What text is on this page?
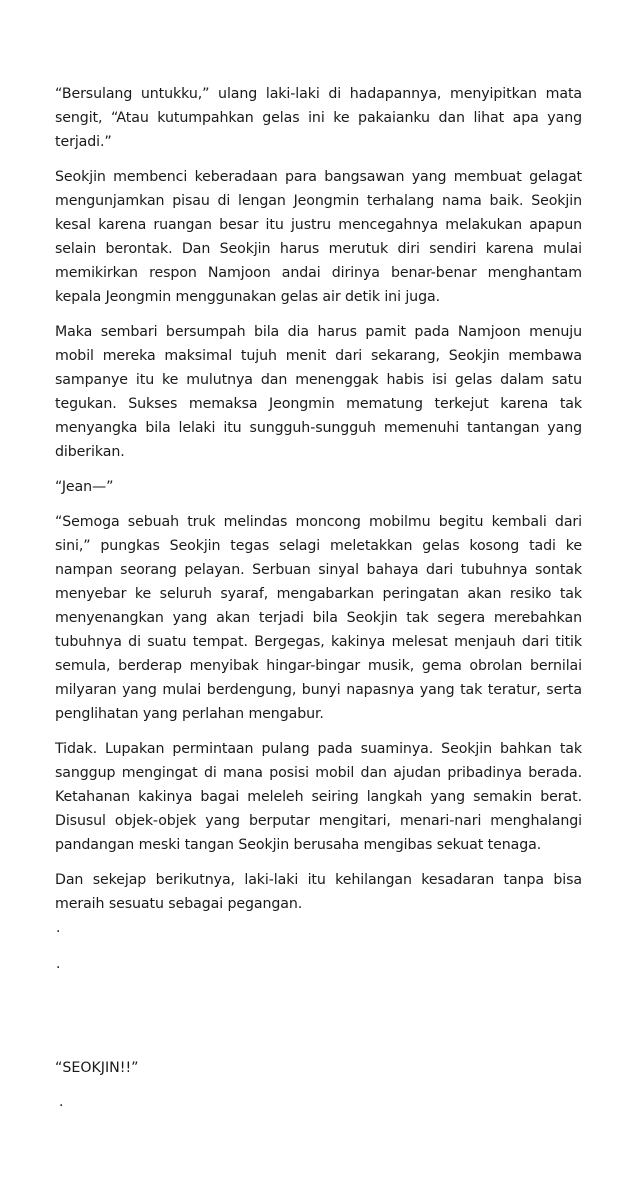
“Bersulang untukku,” ulang laki-laki di hadapannya, menyipitkan mata sengit, “Atau kutumpahkan gelas ini ke pakaianku dan lihat apa yang terjadi.”

Seokjin membenci keberadaan para bangsawan yang membuat gelagat mengunjamkan pisau di lengan Jeongmin terhalang nama baik. Seokjin kesal karena ruangan besar itu justru mencegahnya melakukan apapun selain berontak. Dan Seokjin harus merutuk diri sendiri karena mulai memikirkan respon Namjoon andai dirinya benar-benar menghantam kepala Jeongmin menggunakan gelas air detik ini juga.

Maka sembari bersumpah bila dia harus pamit pada Namjoon menuju mobil mereka maksimal tujuh menit dari sekarang, Seokjin membawa sampanye itu ke mulutnya dan menenggak habis isi gelas dalam satu tegukan. Sukses memaksa Jeongmin mematung terkejut karena tak menyangka bila lelaki itu sungguh-sungguh memenuhi tantangan yang diberikan.

“Jean—”

“Semoga sebuah truk melindas moncong mobilmu begitu kembali dari sini,” pungkas Seokjin tegas selagi meletakkan gelas kosong tadi ke nampan seorang pelayan. Serbuan sinyal bahaya dari tubuhnya sontak menyebar ke seluruh syaraf, mengabarkan peringatan akan resiko tak menyenangkan yang akan terjadi bila Seokjin tak segera merebahkan tubuhnya di suatu tempat. Bergegas, kakinya melesat menjauh dari titik semula, berderap menyibak hingar-bingar musik, gema obrolan bernilai milyaran yang mulai berdengung, bunyi napasnya yang tak teratur, serta penglihatan yang perlahan mengabur.

Tidak. Lupakan permintaan pulang pada suaminya. Seokjin bahkan tak sanggup mengingat di mana posisi mobil dan ajudan pribadinya berada. Ketahanan kakinya bagai meleleh seiring langkah yang semakin berat. Disusul objek-objek yang berputar mengitari, menari-nari menghalangi pandangan meski tangan Seokjin berusaha mengibas sekuat tenaga.

Dan sekejap berikutnya, laki-laki itu kehilangan kesadaran tanpa bisa meraih sesuatu sebagai pegangan.

.
.
“SEOKJIN!!”
.
